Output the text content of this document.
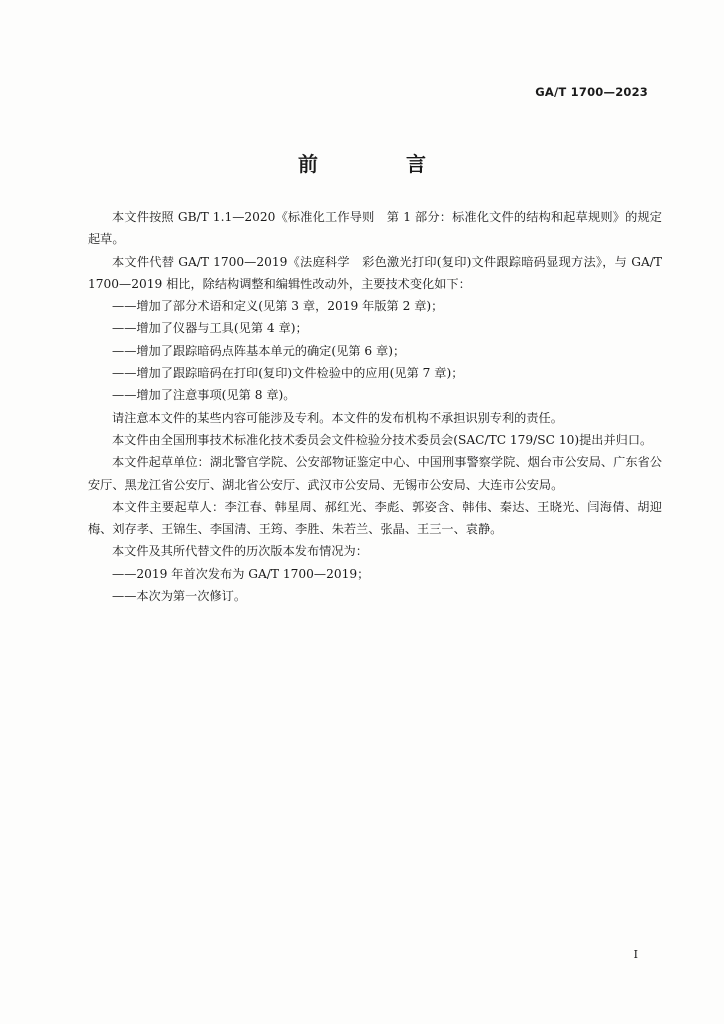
GA/T 1700—2023
前　言

本文件按照 GB/T 1.1—2020《标准化工作导则　第 1 部分：标准化文件的结构和起草规则》的规定起草。

本文件代替 GA/T 1700—2019《法庭科学　彩色激光打印(复印)文件跟踪暗码显现方法》，与 GA/T 1700—2019 相比，除结构调整和编辑性改动外，主要技术变化如下：

——增加了部分术语和定义(见第 3 章，2019 年版第 2 章)；

——增加了仪器与工具(见第 4 章)；

——增加了跟踪暗码点阵基本单元的确定(见第 6 章)；

——增加了跟踪暗码在打印(复印)文件检验中的应用(见第 7 章)；

——增加了注意事项(见第 8 章)。

请注意本文件的某些内容可能涉及专利。本文件的发布机构不承担识别专利的责任。

本文件由全国刑事技术标准化技术委员会文件检验分技术委员会(SAC/TC 179/SC 10)提出并归口。

本文件起草单位：湖北警官学院、公安部物证鉴定中心、中国刑事警察学院、烟台市公安局、广东省公安厅、黑龙江省公安厅、湖北省公安厅、武汉市公安局、无锡市公安局、大连市公安局。

本文件主要起草人：李江春、韩星周、郝红光、李彪、郭姿含、韩伟、秦达、王晓光、闫海倩、胡迎梅、刘存孝、王锦生、李国清、王筠、李胜、朱若兰、张晶、王三一、袁静。

本文件及其所代替文件的历次版本发布情况为：

——2019 年首次发布为 GA/T 1700—2019；

——本次为第一次修订。

I
